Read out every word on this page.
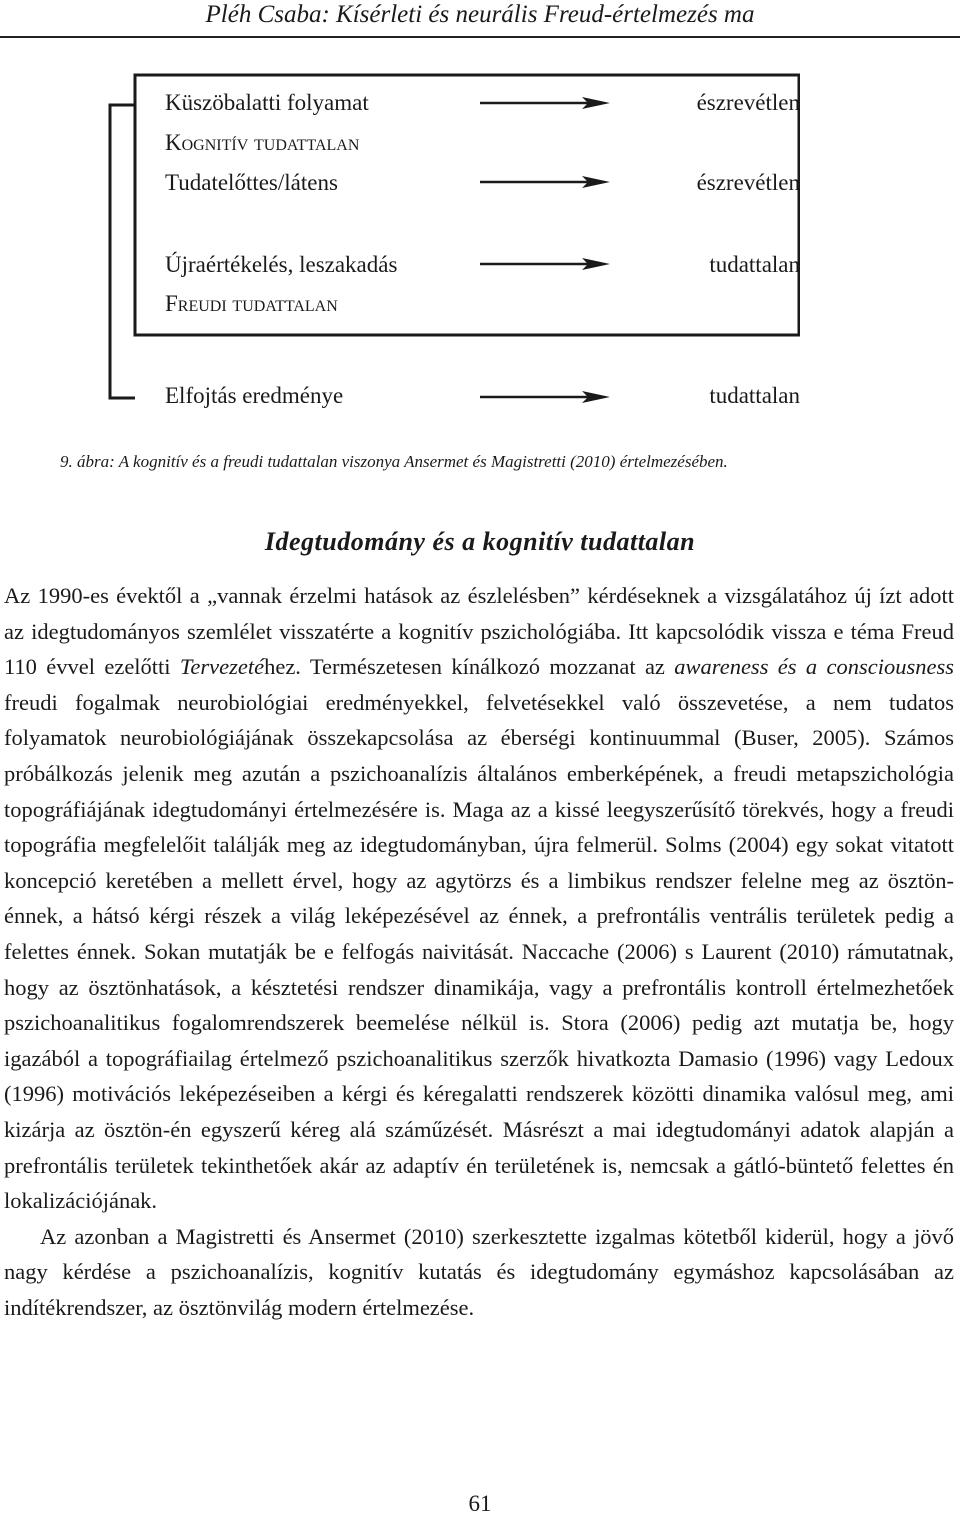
Pléh Csaba: Kísérleti és neurális Freud-értelmezés ma
Küszöbalatti folyamat	észrevétlen
Kognitív tudattalan
Tudatelőttes/látens	észrevétlen
Újraértékelés, leszakadás	tudattalan
Freudi tudattalan
Elfojtás eredménye	tudattalan
9. ábra: A kognitív és a freudi tudattalan viszonya Ansermet és Magistretti (2010) értelmezésében.
Idegtudomány és a kognitív tudattalan

Az 1990-es évektől a „vannak érzelmi hatások az észlelésben” kérdéseknek a vizsgálatához új ízt adott az idegtudományos szemlélet visszatérte a kognitív pszichológiába. Itt kapcsolódik vissza e téma Freud 110 évvel ezelőtti Tervezetéhez. Természetesen kínálkozó mozzanat az awareness és a consciousness freudi fogalmak neurobiológiai eredményekkel, felvetésekkel való összevetése, a nem tudatos folyamatok neurobiológiájának összekapcsolása az éberségi kontinuummal (Buser, 2005). Számos próbálkozás jelenik meg azután a pszichoanalízis általános emberképének, a freudi metapszichológia topográfiájának idegtudományi értelmezésére is. Maga az a kissé leegyszerűsítő törekvés, hogy a freudi topográfia megfelelőit találják meg az idegtudományban, újra felmerül. Solms (2004) egy sokat vitatott koncepció keretében a mellett érvel, hogy az agytörzs és a limbikus rendszer felelne meg az ösztön-énnek, a hátsó kérgi részek a világ leképezésével az énnek, a prefrontális ventrális területek pedig a felettes énnek. Sokan mutatják be e felfogás naivitását. Naccache (2006) s Laurent (2010) rámutatnak, hogy az ösztönhatások, a késztetési rendszer dinamikája, vagy a prefrontális kontroll értelmezhetőek pszichoanalitikus fogalomrendszerek beemelése nélkül is. Stora (2006) pedig azt mutatja be, hogy igazából a topográfiailag értelmező pszichoanalitikus szerzők hivatkozta Damasio (1996) vagy Ledoux (1996) motivációs leképezéseiben a kérgi és kéregalatti rendszerek közötti dinamika valósul meg, ami kizárja az ösztön-én egyszerű kéreg alá száműzését. Másrészt a mai idegtudományi adatok alapján a prefrontális területek tekinthetőek akár az adaptív én területének is, nemcsak a gátló-büntető felettes én lokalizációjának.

Az azonban a Magistretti és Ansermet (2010) szerkesztette izgalmas kötetből kiderül, hogy a jövő nagy kérdése a pszichoanalízis, kognitív kutatás és idegtudomány egymáshoz kapcsolásában az indítékrendszer, az ösztönvilág modern értelmezése.

61
